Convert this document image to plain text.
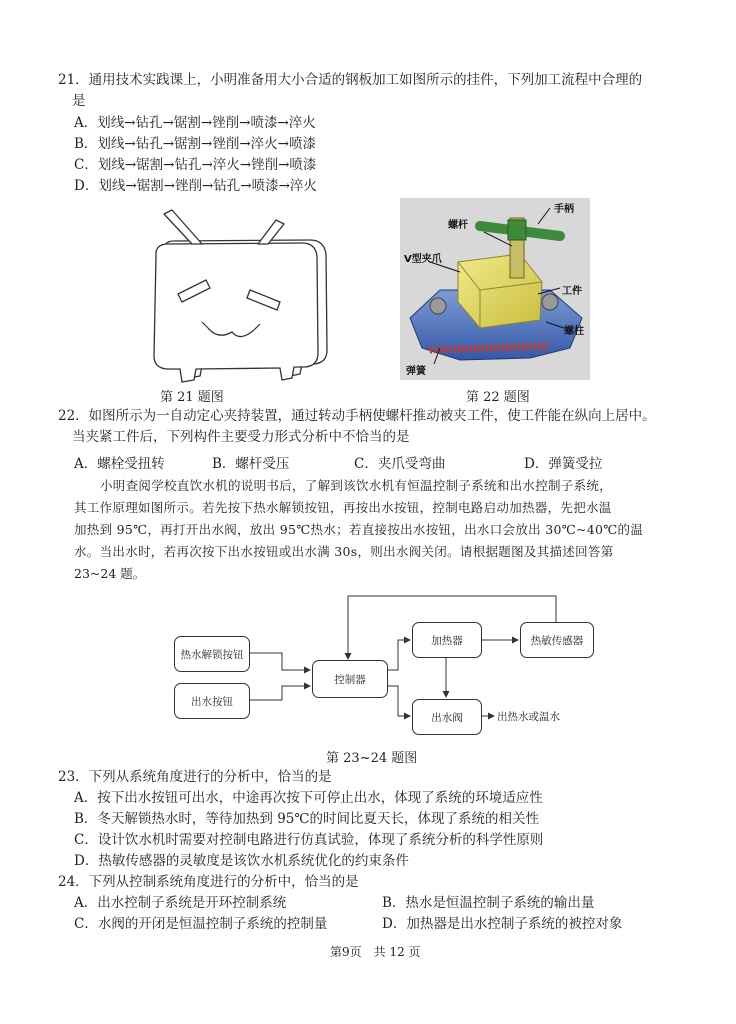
21．通用技术实践课上，小明准备用大小合适的钢板加工如图所示的挂件，下列加工流程中合理的
是
A．划线→钻孔→锯割→锉削→喷漆→淬火
B．划线→钻孔→锯割→锉削→淬火→喷漆
C．划线→锯割→钻孔→淬火→锉削→喷漆
D．划线→锯割→锉削→钻孔→喷漆→淬火
第 21 题图
手柄
螺杆
V型夹爪
工件
螺柱
弹簧
第 22 题图
22．如图所示为一自动定心夹持装置，通过转动手柄使螺杆推动被夹工件，使工件能在纵向上居中。
当夹紧工件后，下列构件主要受力形式分析中不恰当的是
A．螺栓受扭转	B．螺杆受压	C．夹爪受弯曲	D．弹簧受拉
小明查阅学校直饮水机的说明书后，了解到该饮水机有恒温控制子系统和出水控制子系统，
其工作原理如图所示。若先按下热水解锁按钮，再按出水按钮，控制电路启动加热器，先把水温
加热到 95℃，再打开出水阀，放出 95℃热水；若直接按出水按钮，出水口会放出 30℃~40℃的温
水。当出水时，若再次按下出水按钮或出水满 30s，则出水阀关闭。请根据题图及其描述回答第
23~24 题。
热水解锁按钮
出水按钮
控制器
加热器	热敏传感器
出水阀	出热水或温水
第 23~24 题图
23．下列从系统角度进行的分析中，恰当的是
A．按下出水按钮可出水，中途再次按下可停止出水，体现了系统的环境适应性
B．冬天解锁热水时，等待加热到 95℃的时间比夏天长，体现了系统的相关性
C．设计饮水机时需要对控制电路进行仿真试验，体现了系统分析的科学性原则
D．热敏传感器的灵敏度是该饮水机系统优化的约束条件
24．下列从控制系统角度进行的分析中，恰当的是
A．出水控制子系统是开环控制系统	B．热水是恒温控制子系统的输出量
C．水阀的开闭是恒温控制子系统的控制量	D．加热器是出水控制子系统的被控对象
第9页　共 12 页
